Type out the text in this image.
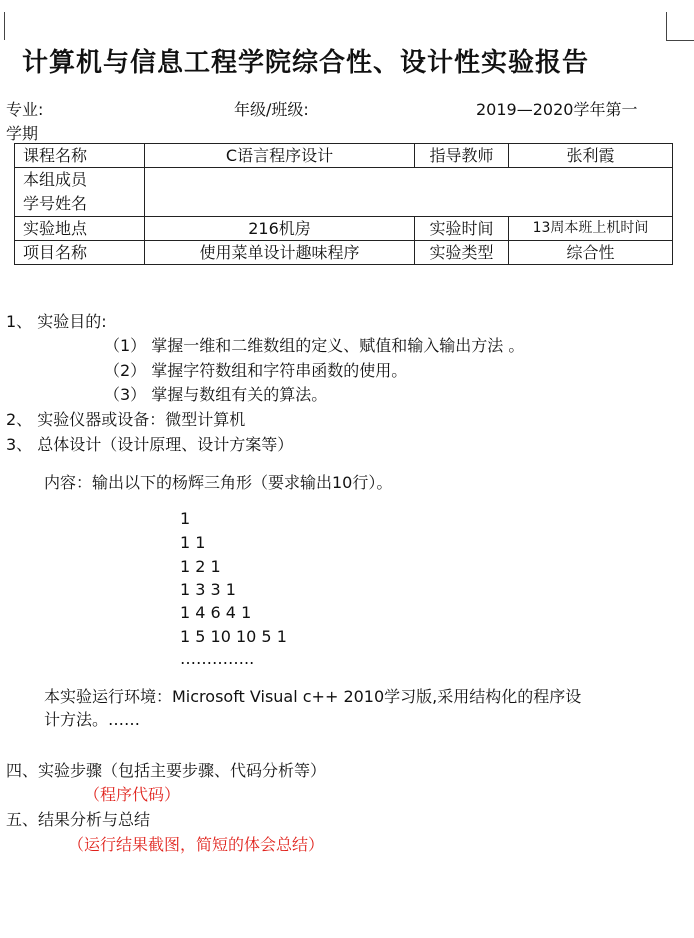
计算机与信息工程学院综合性、设计性实验报告
专业:	年级/班级:	2019—2020学年第一
学期
课程名称	C语言程序设计	指导教师	张利霞

本组成员
学号姓名			

实验地点	216机房	实验时间	13周本班上机时间
项目名称	使用菜单设计趣味程序	实验类型	综合性
1、 实验目的:
（1） 掌握一维和二维数组的定义、赋值和输入输出方法 。
（2） 掌握字符数组和字符串函数的使用。
（3） 掌握与数组有关的算法。
2、 实验仪器或设备：微型计算机
3、 总体设计（设计原理、设计方案等）
内容：输出以下的杨辉三角形（要求输出10行）。
1
1 1
1 2 1
1 3 3 1
1 4 6 4 1
1 5 10 10 5 1
…………..
本实验运行环境：Microsoft Visual c++ 2010学习版,采用结构化的程序设
计方法。……
四、实验步骤（包括主要步骤、代码分析等）
（程序代码）
五、结果分析与总结
（运行结果截图，简短的体会总结）
